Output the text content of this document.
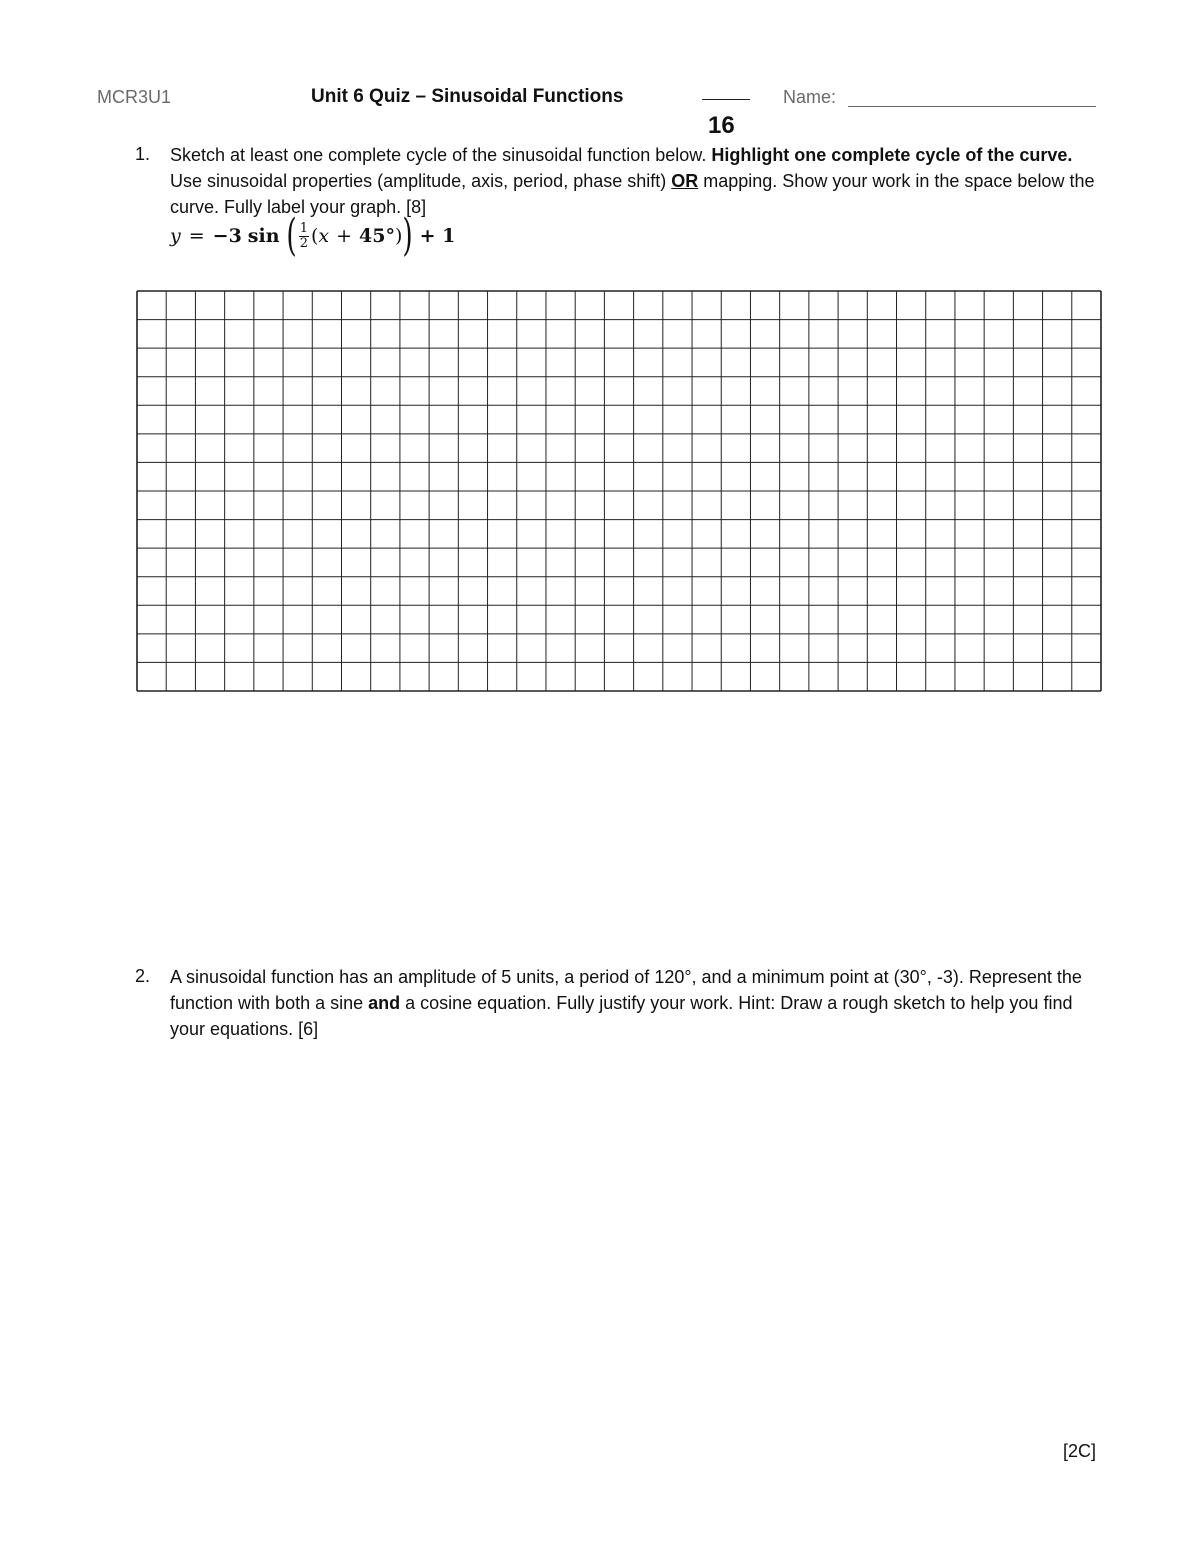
MCR3U1	Unit 6 Quiz – Sinusoidal Functions
16
Name:
1. Sketch at least one complete cycle of the sinusoidal function below. Highlight one complete cycle of the curve. Use sinusoidal properties (amplitude, axis, period, phase shift) OR mapping. Show your work in the space below the curve. Fully label your graph. [8]
y = −3 sin ( $\frac{1}{2}$ ( x + 45° ) ) + 1
2. A sinusoidal function has an amplitude of 5 units, a period of 120°, and a minimum point at (30°, -3). Represent the function with both a sine and a cosine equation. Fully justify your work. Hint: Draw a rough sketch to help you find your equations. [6]
[2C]
